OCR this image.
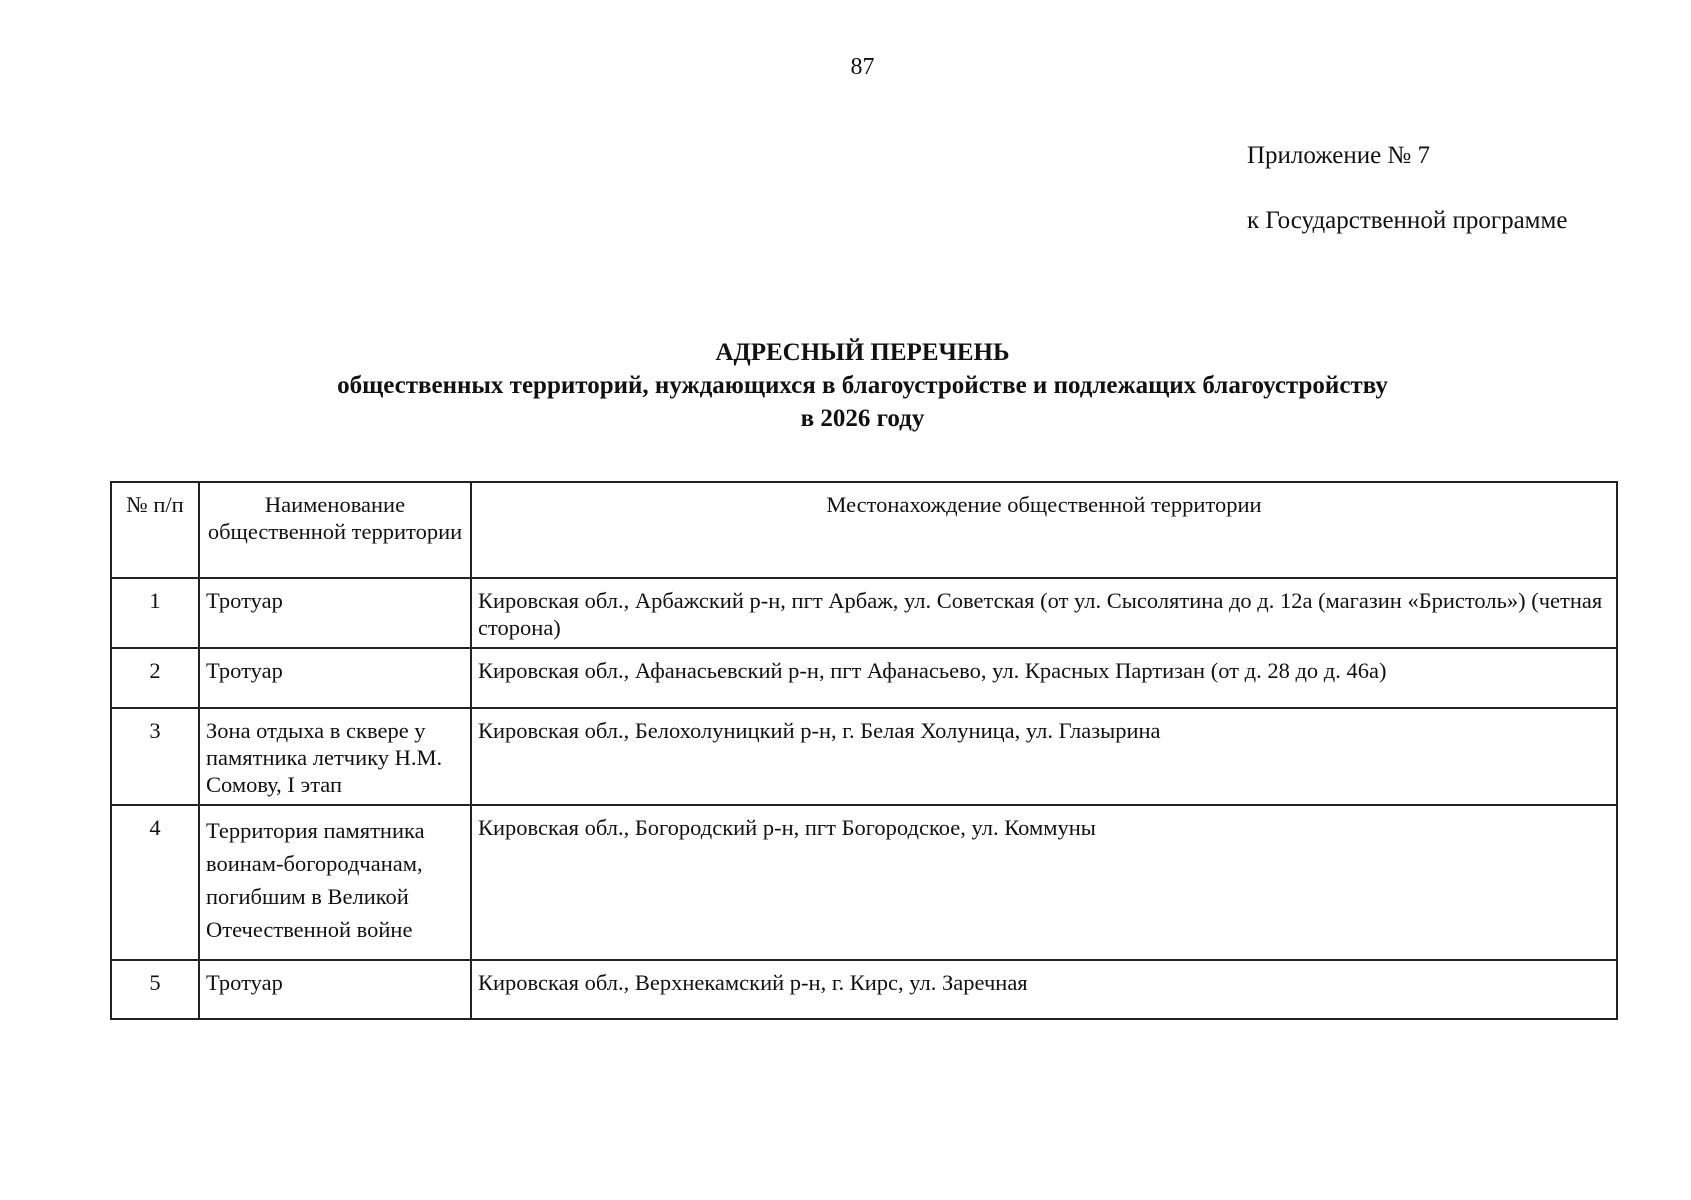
87
Приложение № 7
к Государственной программе
АДРЕСНЫЙ ПЕРЕЧЕНЬ
общественных территорий, нуждающихся в благоустройстве и подлежащих благоустройству
в 2026 году
№ п/п	Наименование общественной территории	Местонахождение общественной территории
1	Тротуар	Кировская обл., Арбажский р-н, пгт Арбаж, ул. Советская (от ул. Сысолятина до д. 12а (магазин «Бристоль») (четная сторона)
2	Тротуар	Кировская обл., Афанасьевский р-н, пгт Афанасьево, ул. Красных Партизан (от д. 28 до д. 46а)
3	Зона отдыха в сквере у памятника летчику Н.М. Сомову, I этап	Кировская обл., Белохолуницкий р-н, г. Белая Холуница, ул. Глазырина
4	Территория памятника воинам-богородчанам, погибшим в Великой Отечественной войне	Кировская обл., Богородский р-н, пгт Богородское, ул. Коммуны
5	Тротуар	Кировская обл., Верхнекамский р-н, г. Кирс, ул. Заречная
